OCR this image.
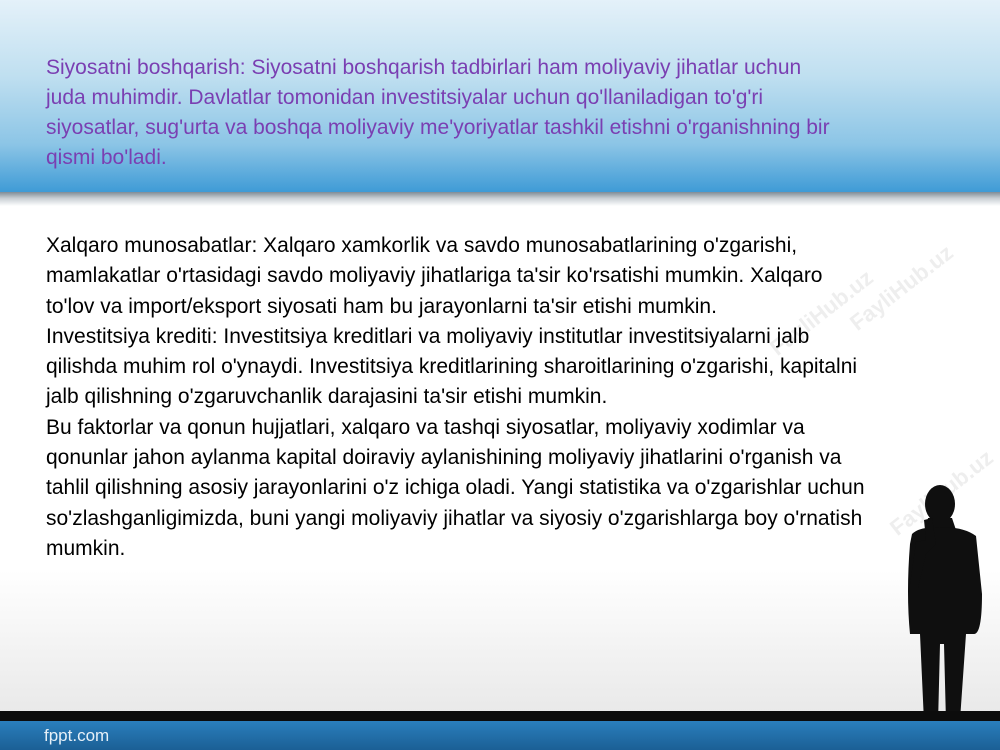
Siyosatni boshqarish: Siyosatni boshqarish tadbirlari ham moliyaviy jihatlar uchun juda muhimdir. Davlatlar tomonidan investitsiyalar uchun qo'llaniladigan to'g'ri siyosatlar, sug'urta va boshqa moliyaviy me'yoriyatlar tashkil etishni o'rganishning bir qismi bo'ladi.

FayliHub.uz
FayliHub.uz

Xalqaro munosabatlar: Xalqaro xamkorlik va savdo munosabatlarining o'zgarishi, mamlakatlar o'rtasidagi savdo moliyaviy jihatlariga ta'sir ko'rsatishi mumkin. Xalqaro to'lov va import/eksport siyosati ham bu jarayonlarni ta'sir etishi mumkin.

Investitsiya krediti: Investitsiya kreditlari va moliyaviy institutlar investitsiyalarni jalb qilishda muhim rol o'ynaydi. Investitsiya kreditlarining sharoitlarining o'zgarishi, kapitalni jalb qilishning o'zgaruvchanlik darajasini ta'sir etishi mumkin.

Bu faktorlar va qonun hujjatlari, xalqaro va tashqi siyosatlar, moliyaviy xodimlar va qonunlar jahon aylanma kapital doiraviy aylanishining moliyaviy jihatlarini o'rganish va tahlil qilishning asosiy jarayonlarini o'z ichiga oladi. Yangi statistika va o'zgarishlar uchun so'zlashganligimizda, buni yangi moliyaviy jihatlar va siyosiy o'zgarishlarga boy o'rnatish mumkin.

fppt.com
